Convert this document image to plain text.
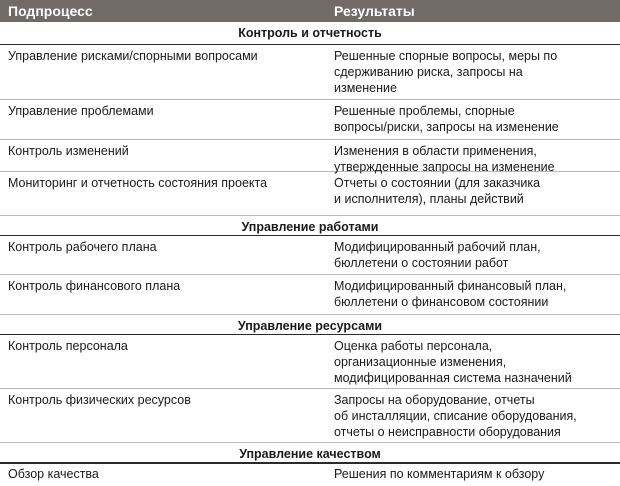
Подпроцесс	Результаты
Контроль и отчетность
Управление рисками/спорными вопросами	Решенные спорные вопросы, меры по
сдерживанию риска, запросы на
изменение
Управление проблемами	Решенные проблемы, спорные
вопросы/риски, запросы на изменение
Контроль изменений	Изменения в области применения,
утвержденные запросы на изменение
Мониторинг и отчетность состояния проекта	Отчеты о состоянии (для заказчика
и исполнителя), планы действий
Управление работами
Контроль рабочего плана	Модифицированный рабочий план,
бюллетени о состоянии работ
Контроль финансового плана	Модифицированный финансовый план,
бюллетени о финансовом состоянии
Управление ресурсами
Контроль персонала	Оценка работы персонала,
организационные изменения,
модифицированная система назначений
Контроль физических ресурсов	Запросы на оборудование, отчеты
об инсталляции, списание оборудования,
отчеты о неисправности оборудования
Управление качеством
Обзор качества	Решения по комментариям к обзору
